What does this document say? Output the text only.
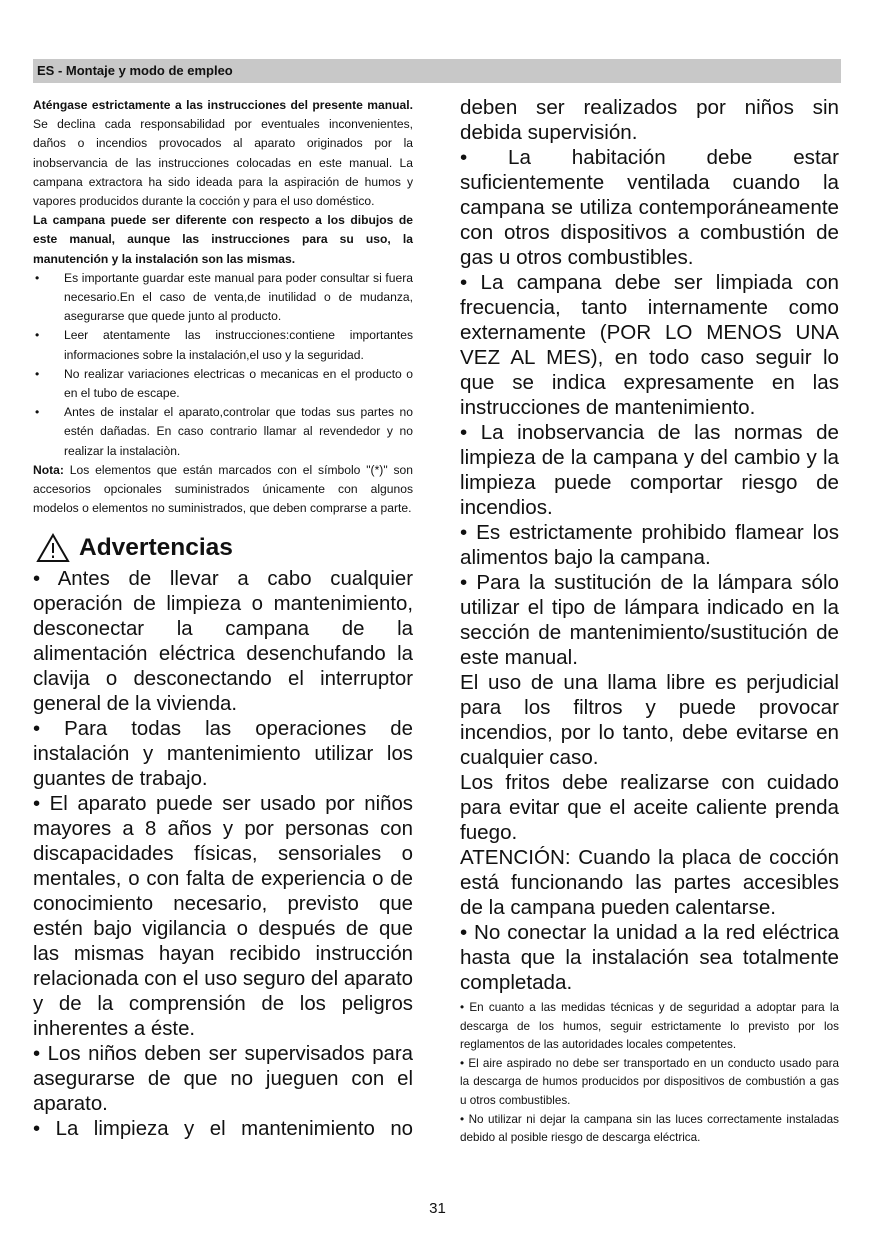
ES - Montaje y modo de empleo

Aténgase estrictamente a las instrucciones del presente manual. Se declina cada responsabilidad por eventuales inconvenientes, daños o incendios provocados al aparato originados por la inobservancia de las instrucciones colocadas en este manual. La campana extractora ha sido ideada para la aspiración de humos y vapores producidos durante la cocción y para el uso doméstico.

La campana puede ser diferente con respecto a los dibujos de este manual, aunque las instrucciones para su uso, la manutención y la instalación son las mismas.

• Es importante guardar este manual para poder consultar si fuera necesario.En el caso de venta,de inutilidad o de mudanza, asegurarse que quede junto al producto.
• Leer atentamente las instrucciones:contiene importantes informaciones sobre la instalación,el uso y la seguridad.
• No realizar variaciones electricas o mecanicas en el producto o en el tubo de escape.
• Antes de instalar el aparato,controlar que todas sus partes no estén dañadas. En caso contrario llamar al revendedor y no realizar la instalaciòn.

Nota: Los elementos que están marcados con el símbolo "(*)" son accesorios opcionales suministrados únicamente con algunos modelos o elementos no suministrados, que deben comprarse a parte.

Advertencias

• Antes de llevar a cabo cualquier operación de limpieza o mantenimiento, desconectar la campana de la alimentación eléctrica desenchufando la clavija o desconectando el interruptor general de la vivienda.

• Para todas las operaciones de instalación y mantenimiento utilizar los guantes de trabajo.

• El aparato puede ser usado por niños mayores a 8 años y por personas con discapacidades físicas, sensoriales o mentales, o con falta de experiencia o de conocimiento necesario, previsto que estén bajo vigilancia o después de que las mismas hayan recibido instrucción relacionada con el uso seguro del aparato y de la comprensión de los peligros inherentes a éste.

• Los niños deben ser supervisados para asegurarse de que no jueguen con el aparato.

• La limpieza y el mantenimiento no

deben ser realizados por niños sin debida supervisión.

• La habitación debe estar suficientemente ventilada cuando la campana se utiliza contemporáneamente con otros dispositivos a combustión de gas u otros combustibles.

• La campana debe ser limpiada con frecuencia, tanto internamente como externamente (POR LO MENOS UNA VEZ AL MES), en todo caso seguir lo que se indica expresamente en las instrucciones de mantenimiento.

• La inobservancia de las normas de limpieza de la campana y del cambio y la limpieza puede comportar riesgo de incendios.

• Es estrictamente prohibido flamear los alimentos bajo la campana.

• Para la sustitución de la lámpara sólo utilizar el tipo de lámpara indicado en la sección de mantenimiento/sustitución de este manual.

El uso de una llama libre es perjudicial para los filtros y puede provocar incendios, por lo tanto, debe evitarse en cualquier caso.

Los fritos debe realizarse con cuidado para evitar que el aceite caliente prenda fuego.

ATENCIÓN: Cuando la placa de cocción está funcionando las partes accesibles de la campana pueden calentarse.

• No conectar la unidad a la red eléctrica hasta que la instalación sea totalmente completada.

• En cuanto a las medidas técnicas y de seguridad a adoptar para la descarga de los humos, seguir estrictamente lo previsto por los reglamentos de las autoridades locales competentes.

• El aire aspirado no debe ser transportado en un conducto usado para la descarga de humos producidos por dispositivos de combustión a gas u otros combustibles.

• No utilizar ni dejar la campana sin las luces correctamente instaladas debido al posible riesgo de descarga eléctrica.

31
